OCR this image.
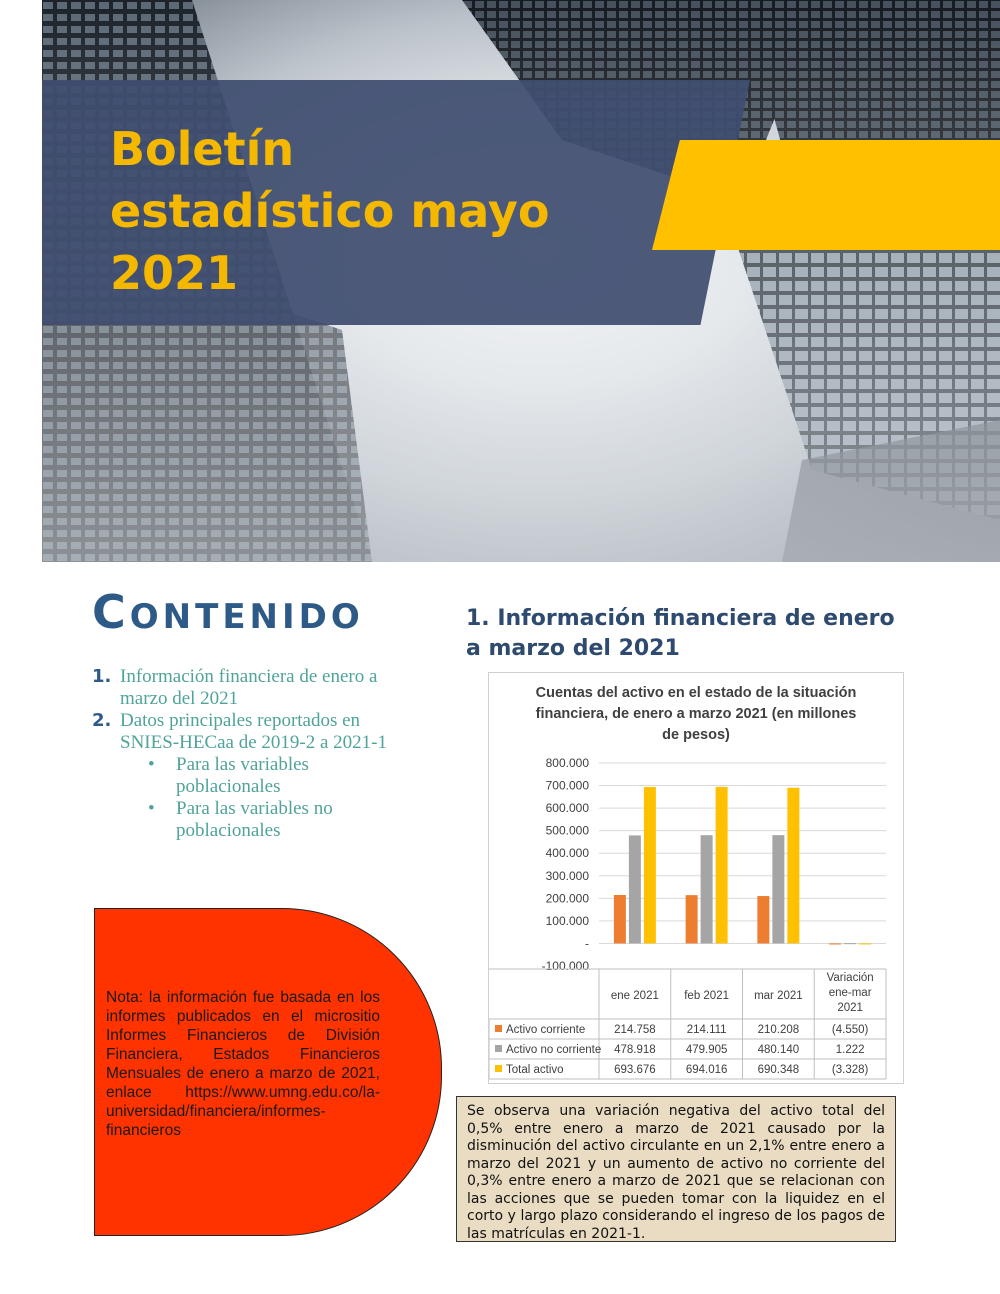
Boletín
estadístico mayo
2021
CONTENIDO
1. Información financiera de enero a marzo del 2021
2. Datos principales reportados en SNIES-HECaa de 2019-2 a 2021-1
• Para las variables poblacionales
• Para las variables no poblacionales

Nota: la información fue basada en los informes publicados en el micrositio Informes Financieros de División Financiera, Estados Financieros Mensuales de enero a marzo de 2021, enlace https://www.umng.edu.co/la-universidad/financiera/informes-financieros

1. Información financiera de enero a marzo del 2021
800.000
700.000
600.000
500.000
400.000
300.000
200.000
100.000
-
-100.000
ene 2021 feb 2021 mar 2021
Variación
ene-mar
2021
Activo corriente	214.758	214.111	210.208	(4.550)
Activo no corriente 478.918	479.905	480.140	1.222
Total activo	693.676	694.016	690.348	(3.328)

Cuentas del activo en el estado de la situación financiera, de enero a marzo 2021 (en millones de pesos)

Se observa una variación negativa del activo total del 0,5% entre enero a marzo de 2021 causado por la disminución del activo circulante en un 2,1% entre enero a marzo del 2021 y un aumento de activo no corriente del 0,3% entre enero a marzo de 2021 que se relacionan con las acciones que se pueden tomar con la liquidez en el corto y largo plazo considerando el ingreso de los pagos de las matrículas en 2021-1.
